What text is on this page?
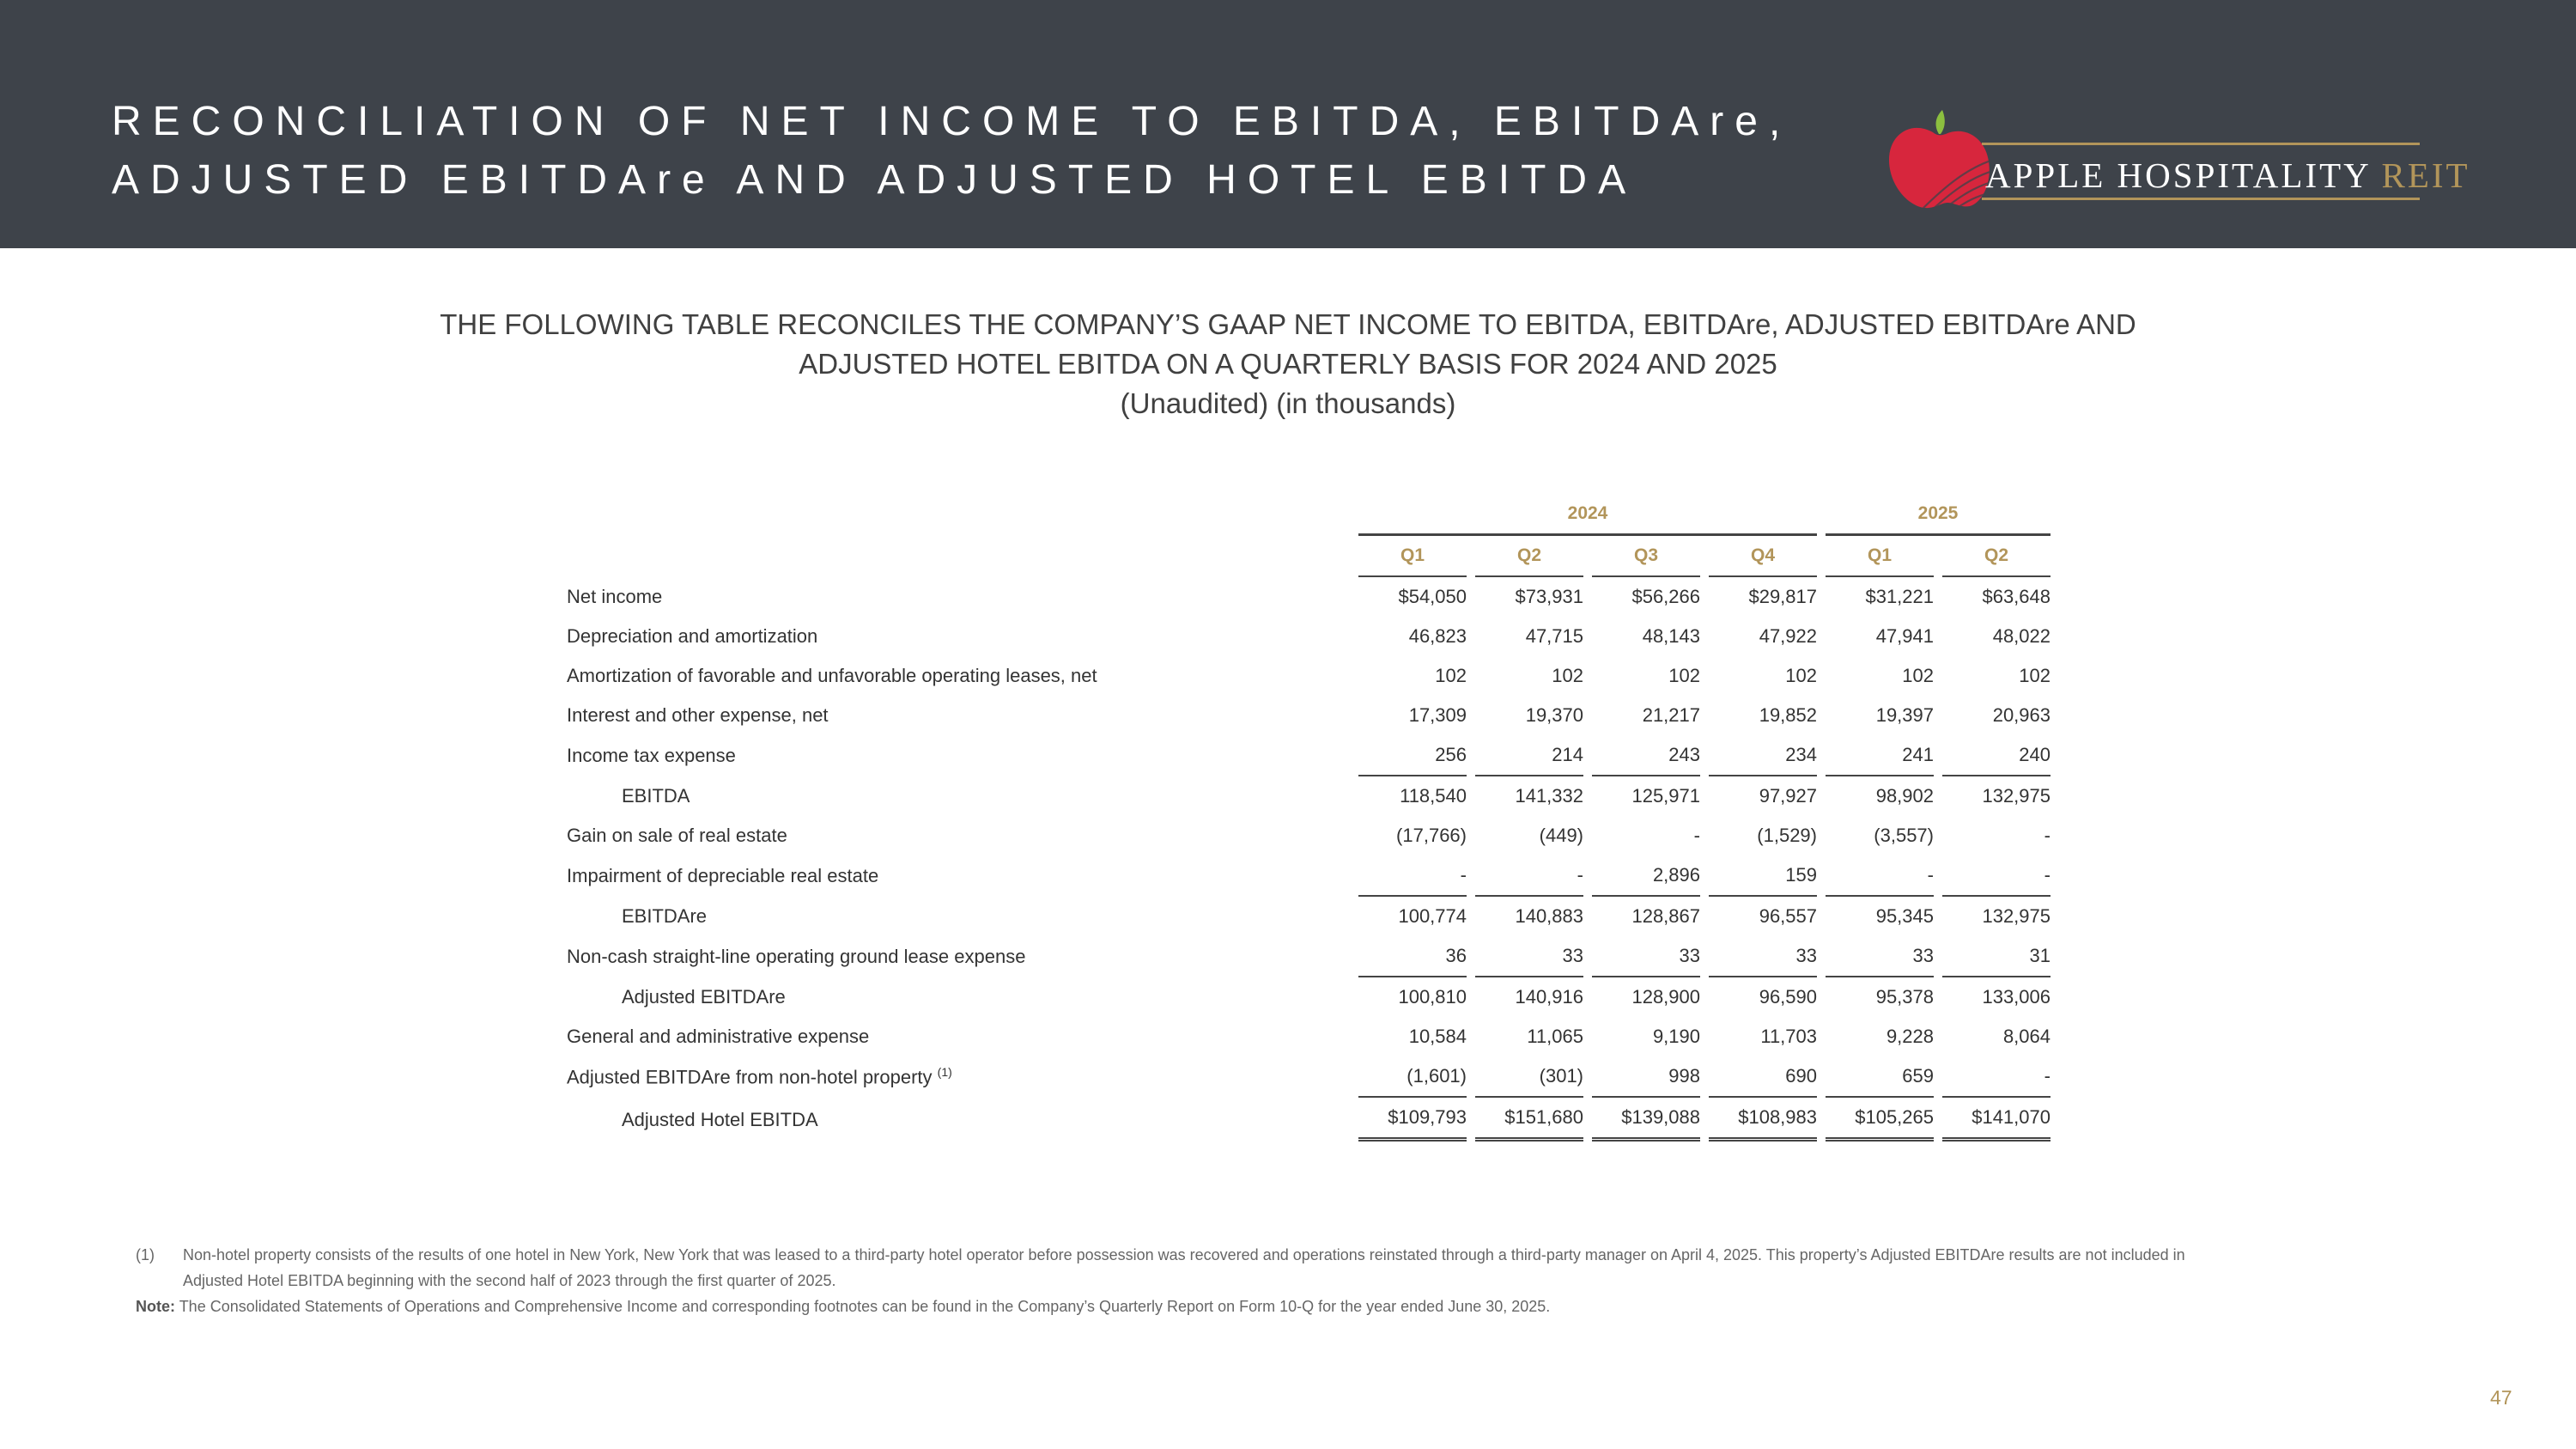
RECONCILIATION OF NET INCOME TO EBITDA, EBITDAre,
ADJUSTED EBITDAre AND ADJUSTED HOTEL EBITDA	APPLE HOSPITALITY REIT
THE FOLLOWING TABLE RECONCILES THE COMPANY’S GAAP NET INCOME TO EBITDA, EBITDAre, ADJUSTED EBITDAre AND
ADJUSTED HOTEL EBITDA ON A QUARTERLY BASIS FOR 2024 AND 2025
(Unaudited) (in thousands)
	2024								2025		
	Q1		Q2		Q3		Q4		Q1		Q2
Net income	$54,050		$73,931		$56,266		$29,817		$31,221		$63,648
Depreciation and amortization	46,823		47,715		48,143		47,922		47,941		48,022
Amortization of favorable and unfavorable operating leases, net	102		102		102		102		102		102
Interest and other expense, net	17,309		19,370		21,217		19,852		19,397		20,963
Income tax expense	256		214		243		234		241		240
EBITDA	118,540		141,332		125,971		97,927		98,902		132,975
Gain on sale of real estate	(17,766)		(449)		-		(1,529)		(3,557)		-
Impairment of depreciable real estate	-		-		2,896		159		-		-
EBITDAre	100,774		140,883		128,867		96,557		95,345		132,975
Non-cash straight-line operating ground lease expense	36		33		33		33		33		31
Adjusted EBITDAre	100,810		140,916		128,900		96,590		95,378		133,006
General and administrative expense	10,584		11,065		9,190		11,703		9,228		8,064
Adjusted EBITDAre from non-hotel property $^{(1)}$	(1,601)		(301)		998		690		659		-
Adjusted Hotel EBITDA	$109,793		$151,680		$139,088		$108,983		$105,265		$141,070
(1) Non-hotel property consists of the results of one hotel in New York, New York that was leased to a third-party hotel operator before possession was recovered and operations reinstated through a third-party manager on April 4, 2025. This property’s Adjusted EBITDAre results are not included in
Adjusted Hotel EBITDA beginning with the second half of 2023 through the first quarter of 2025.
Note: The Consolidated Statements of Operations and Comprehensive Income and corresponding footnotes can be found in the Company’s Quarterly Report on Form 10-Q for the year ended June 30, 2025.
47
